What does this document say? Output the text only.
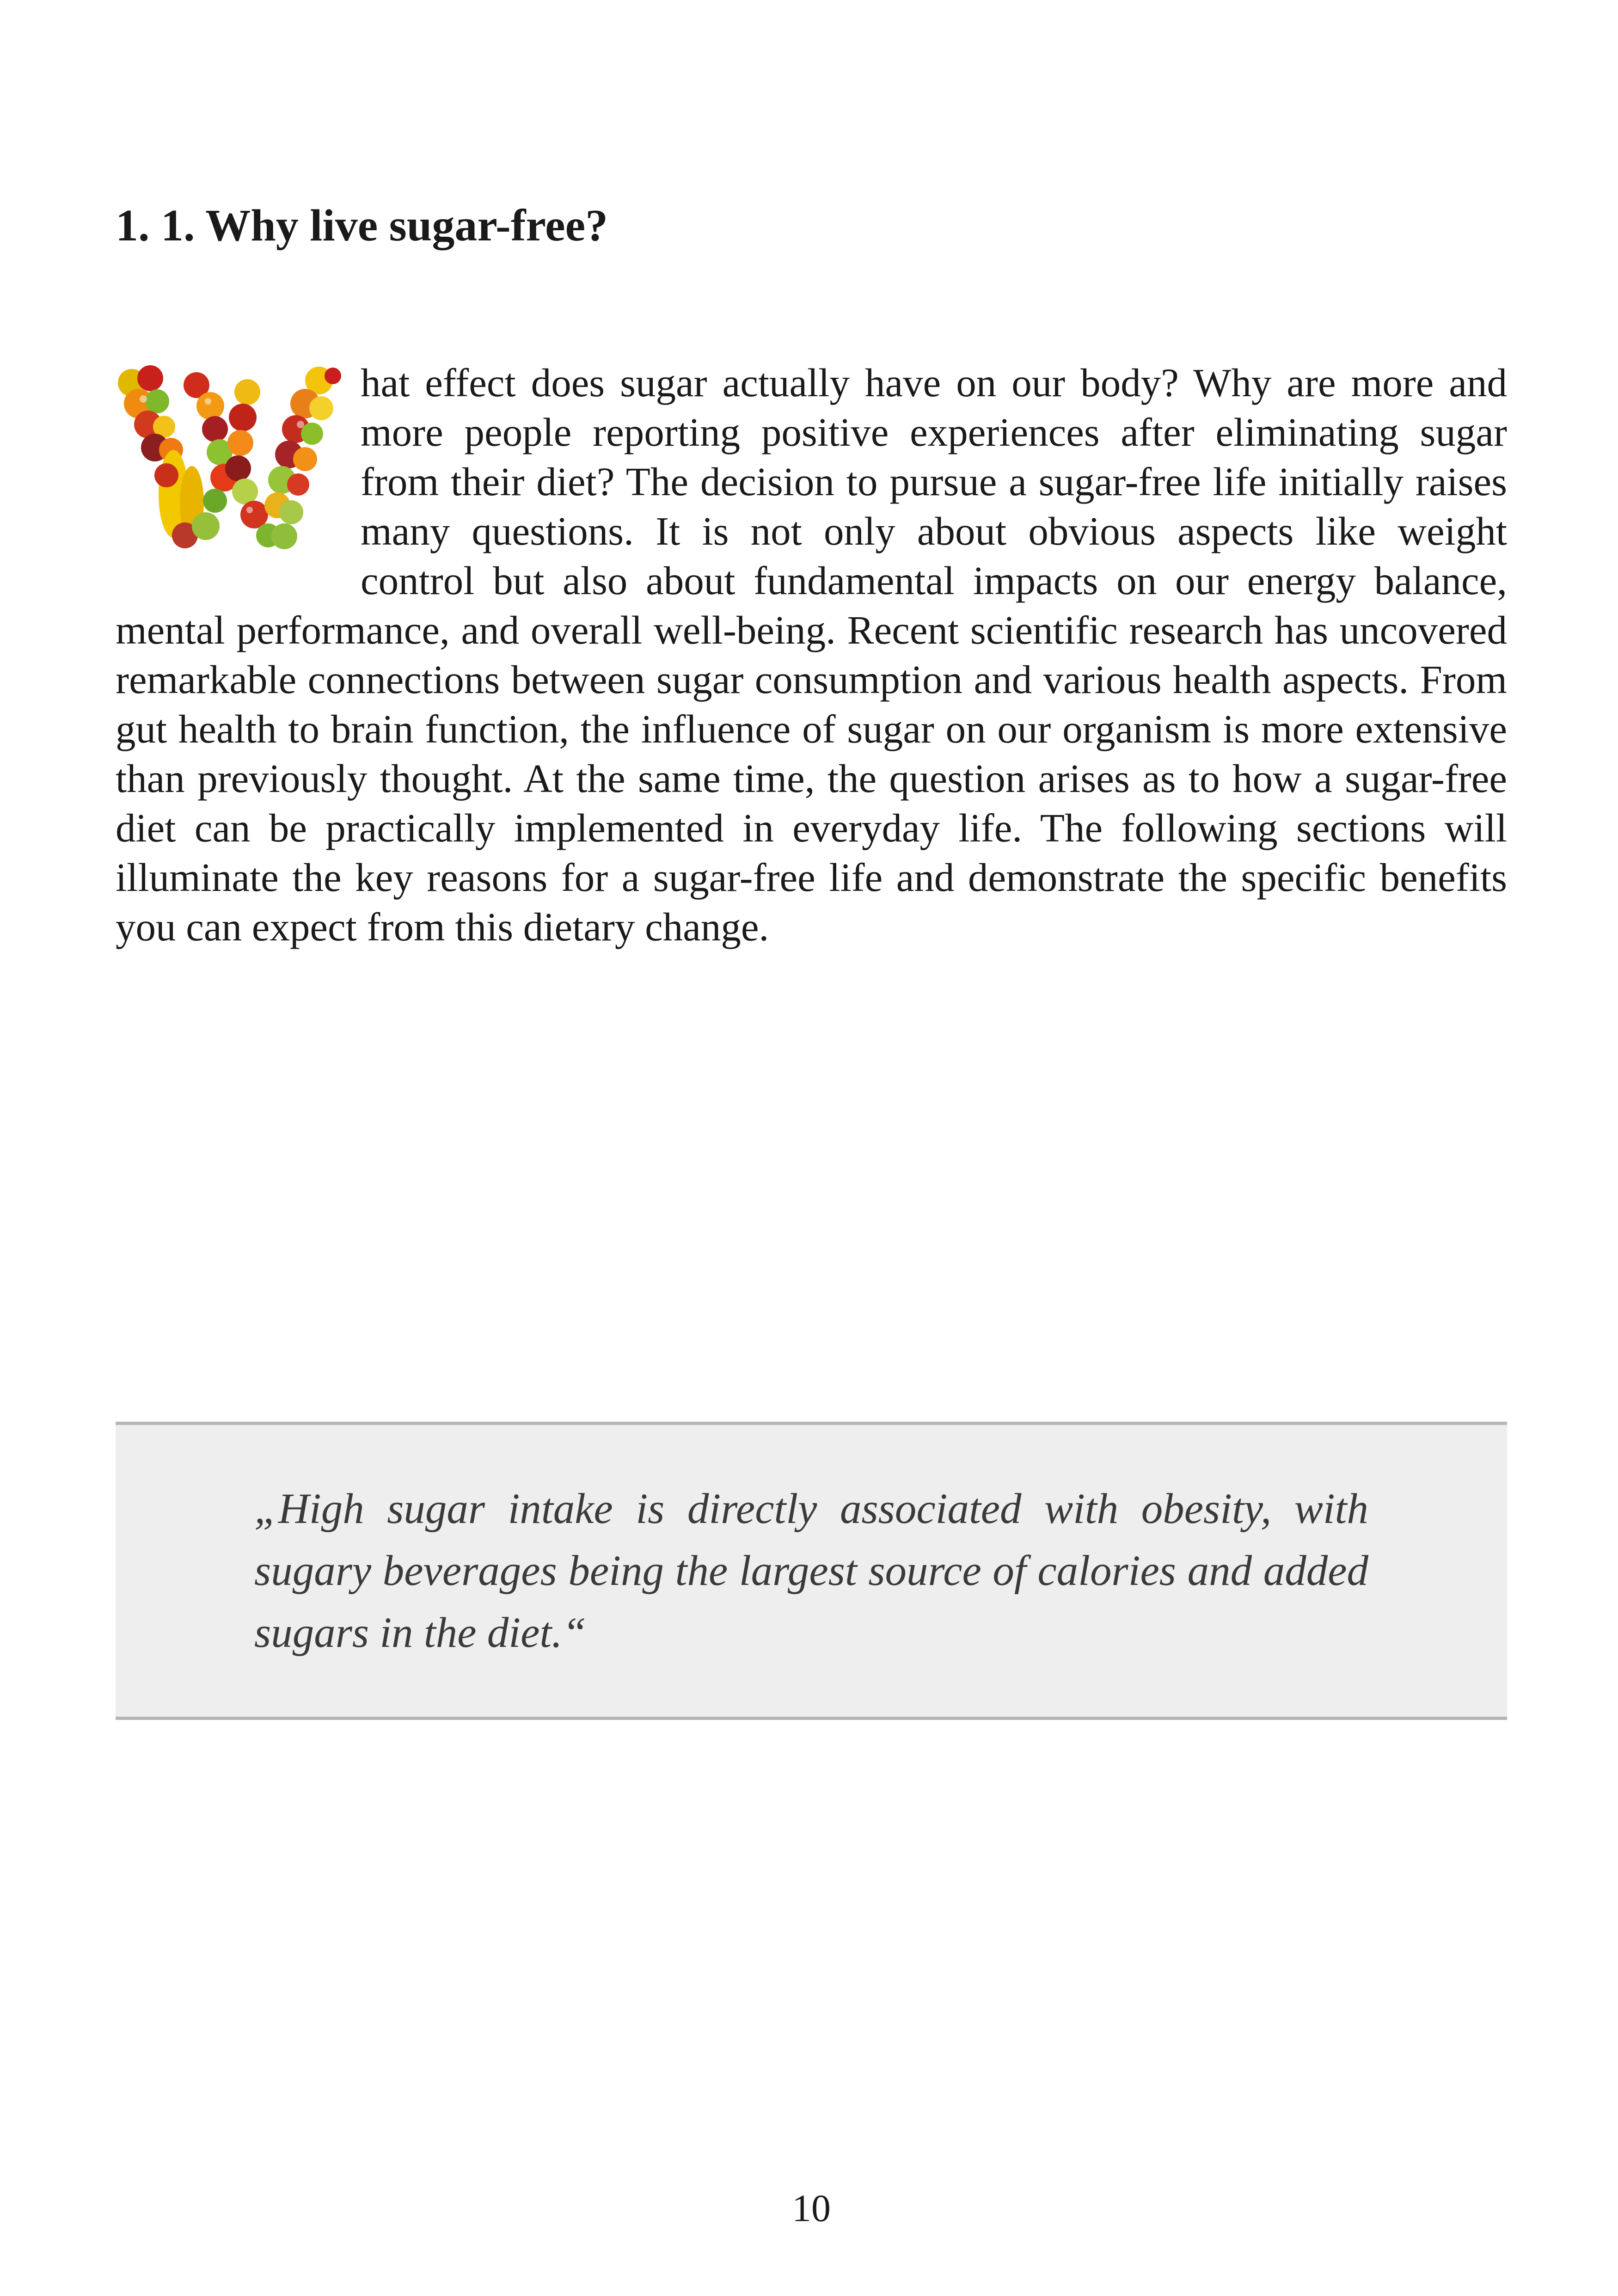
1. 1. Why live sugar-free?
hat effect does sugar actually have on our body? Why are more and more people reporting positive experiences after eliminating sugar from their diet? The decision to pursue a sugar-free life initially raises many questions. It is not only about obvious aspects like weight control but also about fundamental impacts on our energy balance, mental performance, and overall well-being. Recent scientific research has uncovered remarkable connections between sugar consumption and various health aspects. From gut health to brain function, the influence of sugar on our organism is more extensive than previously thought. At the same time, the question arises as to how a sugar-free diet can be practically implemented in everyday life. The following sections will illuminate the key reasons for a sugar-free life and demonstrate the specific benefits you can expect from this dietary change.

„High sugar intake is directly associated with obesity, with sugary beverages being the largest source of calories and added sugars in the diet.“

10
